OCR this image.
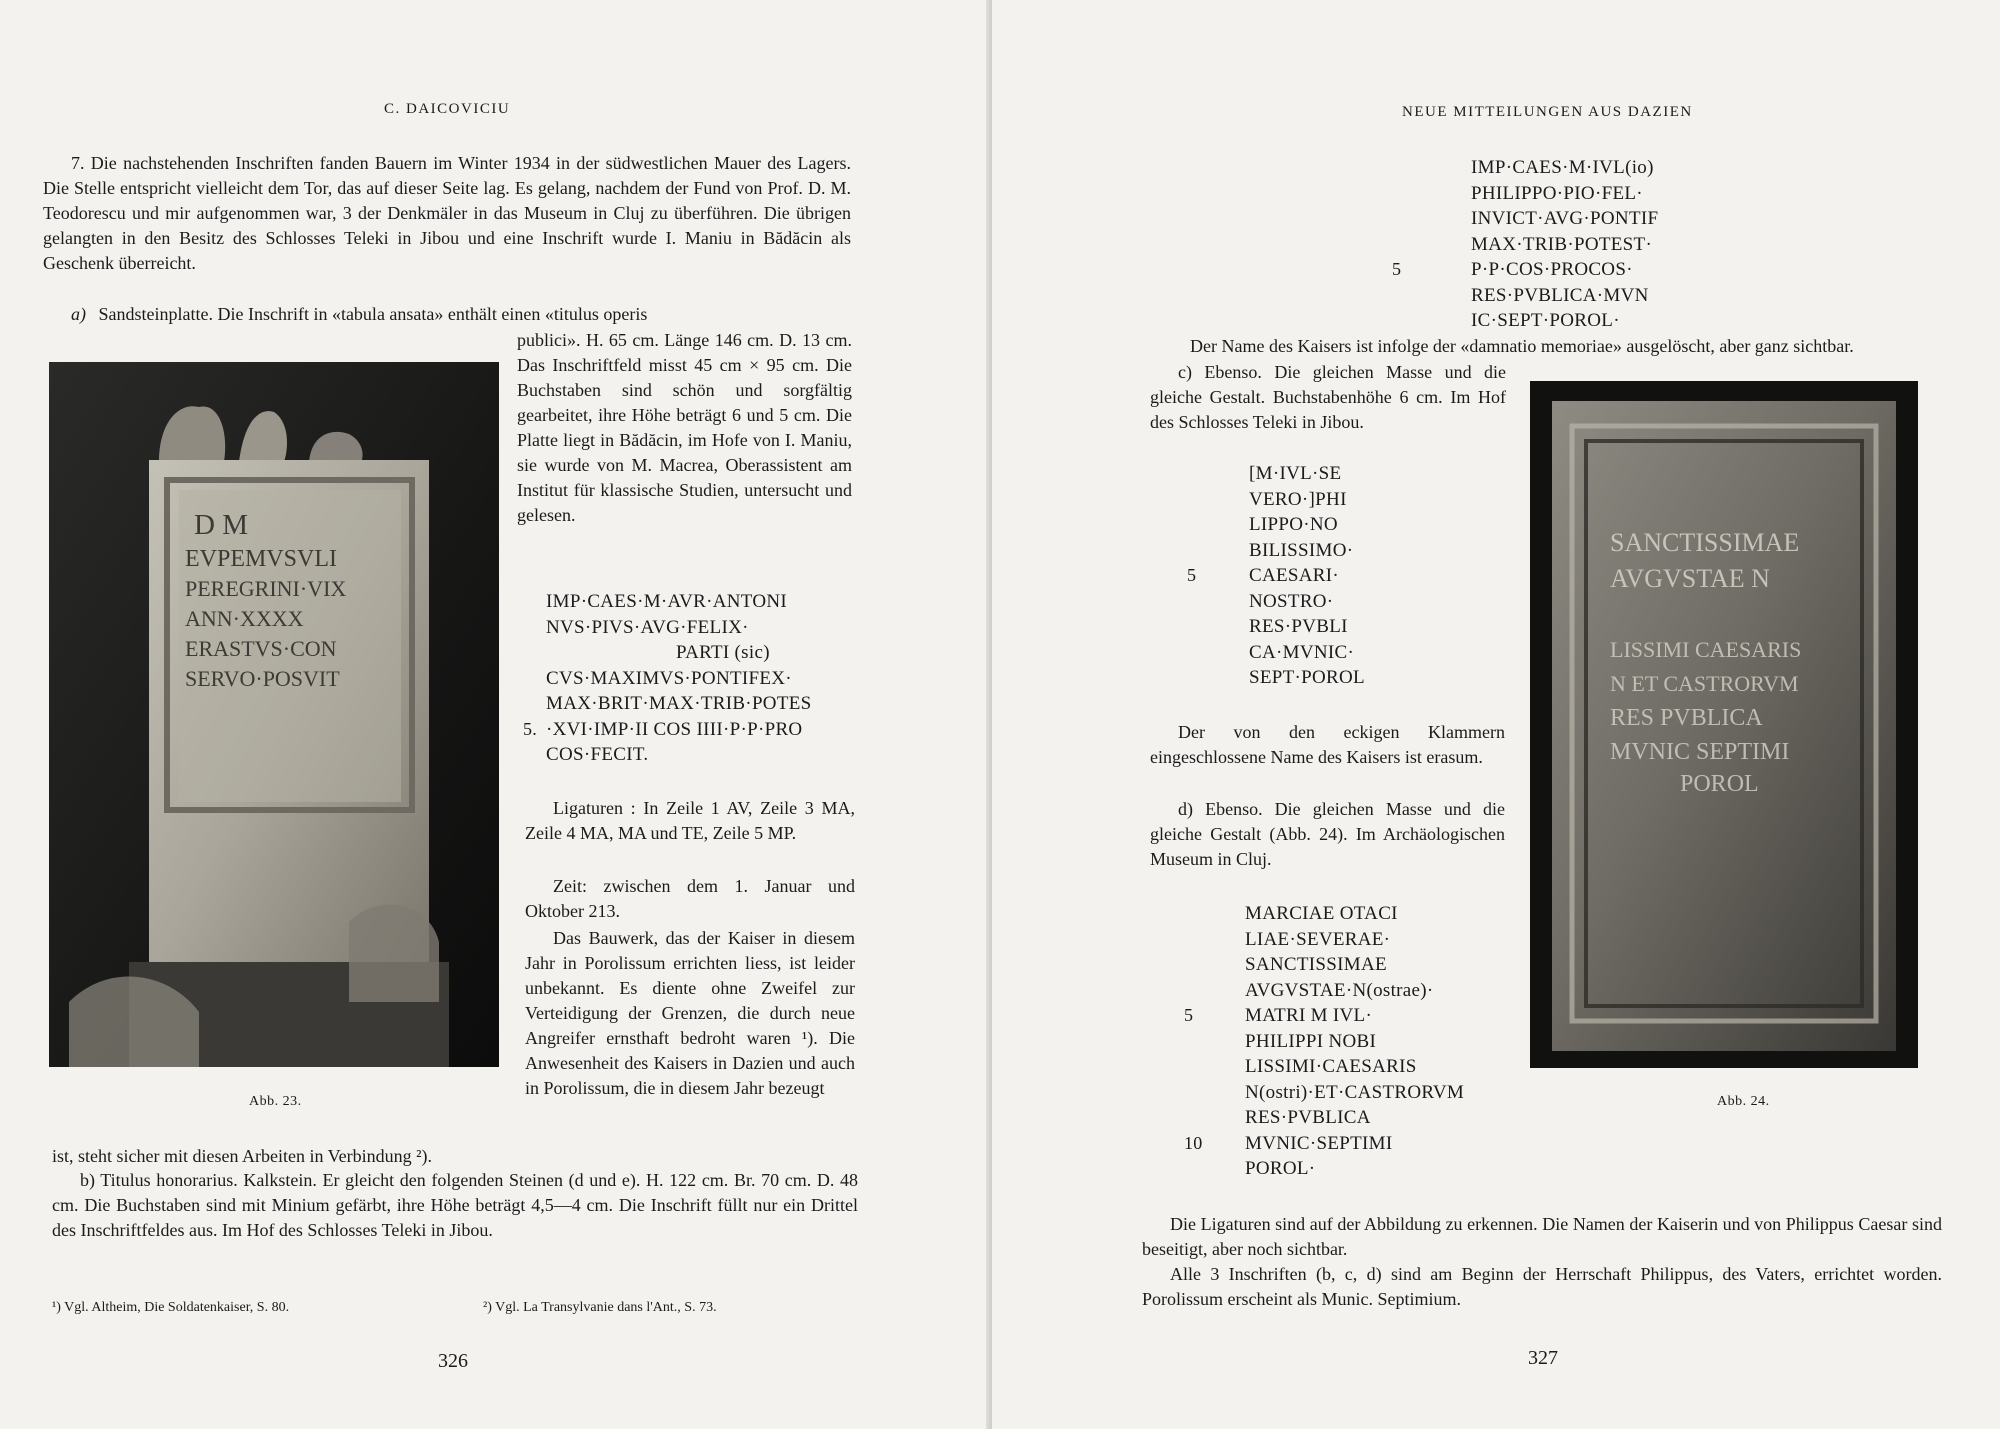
C. DAICOVICIU

7. Die nachstehenden Inschriften fanden Bauern im Winter 1934 in der südwestlichen Mauer des Lagers. Die Stelle entspricht vielleicht dem Tor, das auf dieser Seite lag. Es gelang, nachdem der Fund von Prof. D. M. Teodorescu und mir aufgenommen war, 3 der Denkmäler in das Museum in Cluj zu überführen. Die übrigen gelangten in den Besitz des Schlosses Teleki in Jibou und eine Inschrift wurde I. Maniu in Bădăcin als Geschenk überreicht.

a) Sandsteinplatte. Die Inschrift in «tabula ansata» enthält einen «titulus operis

publici». H. 65 cm. Länge 146 cm. D. 13 cm. Das Inschriftfeld misst 45 cm × 95 cm. Die Buchstaben sind schön und sorgfältig gearbeitet, ihre Höhe beträgt 6 und 5 cm. Die Platte liegt in Bădăcin, im Hofe von I. Maniu, sie wurde von M. Macrea, Oberassistent am Institut für klassische Studien, untersucht und gelesen.

D M
EVPEMVSVLI
PEREGRINI·VIX
ANN·XXXX
ERASTVS·CON
SERVO·POSVIT
Abb. 23.
IMP·CAES·M·AVR·ANTONI
NVS·PIVS·AVG·FELIX·
PARTI (sic)
CVS·MAXIMVS·PONTIFEX·
MAX·BRIT·MAX·TRIB·POTES
5. ·XVI·IMP·II COS IIII·P·P·PRO
COS·FECIT.

Ligaturen : In Zeile 1 AV, Zeile 3 MA, Zeile 4 MA, MA und TE, Zeile 5 MP.

Zeit: zwischen dem 1. Januar und Oktober 213.

Das Bauwerk, das der Kaiser in diesem Jahr in Porolissum errichten liess, ist leider unbekannt. Es diente ohne Zweifel zur Verteidigung der Grenzen, die durch neue Angreifer ernsthaft bedroht waren ¹). Die Anwesenheit des Kaisers in Dazien und auch in Porolissum, die in diesem Jahr bezeugt

ist, steht sicher mit diesen Arbeiten in Verbindung ²).

b) Titulus honorarius. Kalkstein. Er gleicht den folgenden Steinen (d und e). H. 122 cm. Br. 70 cm. D. 48 cm. Die Buchstaben sind mit Minium gefärbt, ihre Höhe beträgt 4,5—4 cm. Die Inschrift füllt nur ein Drittel des Inschriftfeldes aus. Im Hof des Schlosses Teleki in Jibou.

¹) Vgl. Altheim, Die Soldatenkaiser, S. 80.	²) Vgl. La Transylvanie dans l'Ant., S. 73.
326
NEUE MITTEILUNGEN AUS DAZIEN
IMP·CAES·M·IVL(io)
PHILIPPO·PIO·FEL·
INVICT·AVG·PONTIF
MAX·TRIB·POTEST·
5	P·P·COS·PROCOS·
RES·PVBLICA·MVN
IC·SEPT·POROL·

Der Name des Kaisers ist infolge der «damnatio memoriae» ausgelöscht, aber ganz sichtbar.

c) Ebenso. Die gleichen Masse und die gleiche Gestalt. Buchstabenhöhe 6 cm. Im Hof des Schlosses Teleki in Jibou.

[M·IVL·SE
VERO·]PHI
LIPPO·NO
BILISSIMO·
5	CAESARI·
NOSTRO·
RES·PVBLI
CA·MVNIC·
SEPT·POROL

Der von den eckigen Klammern eingeschlossene Name des Kaisers ist erasum.

d) Ebenso. Die gleichen Masse und die gleiche Gestalt (Abb. 24). Im Archäologischen Museum in Cluj.

SANCTISSIMAE
AVGVSTAE N
LISSIMI CAESARIS
N ET CASTRORVM
RES PVBLICA
MVNIC SEPTIMI
POROL
Abb. 24.
MARCIAE OTACI
LIAE·SEVERAE·
SANCTISSIMAE
AVGVSTAE·N(ostrae)·
5	MATRI M IVL·
PHILIPPI NOBI
LISSIMI·CAESARIS
N(ostri)·ET·CASTRORVM
RES·PVBLICA
10 MVNIC·SEPTIMI
POROL·

Die Ligaturen sind auf der Abbildung zu erkennen. Die Namen der Kaiserin und von Philippus Caesar sind beseitigt, aber noch sichtbar.

Alle 3 Inschriften (b, c, d) sind am Beginn der Herrschaft Philippus, des Vaters, errichtet worden. Porolissum erscheint als Munic. Septimium.

327
